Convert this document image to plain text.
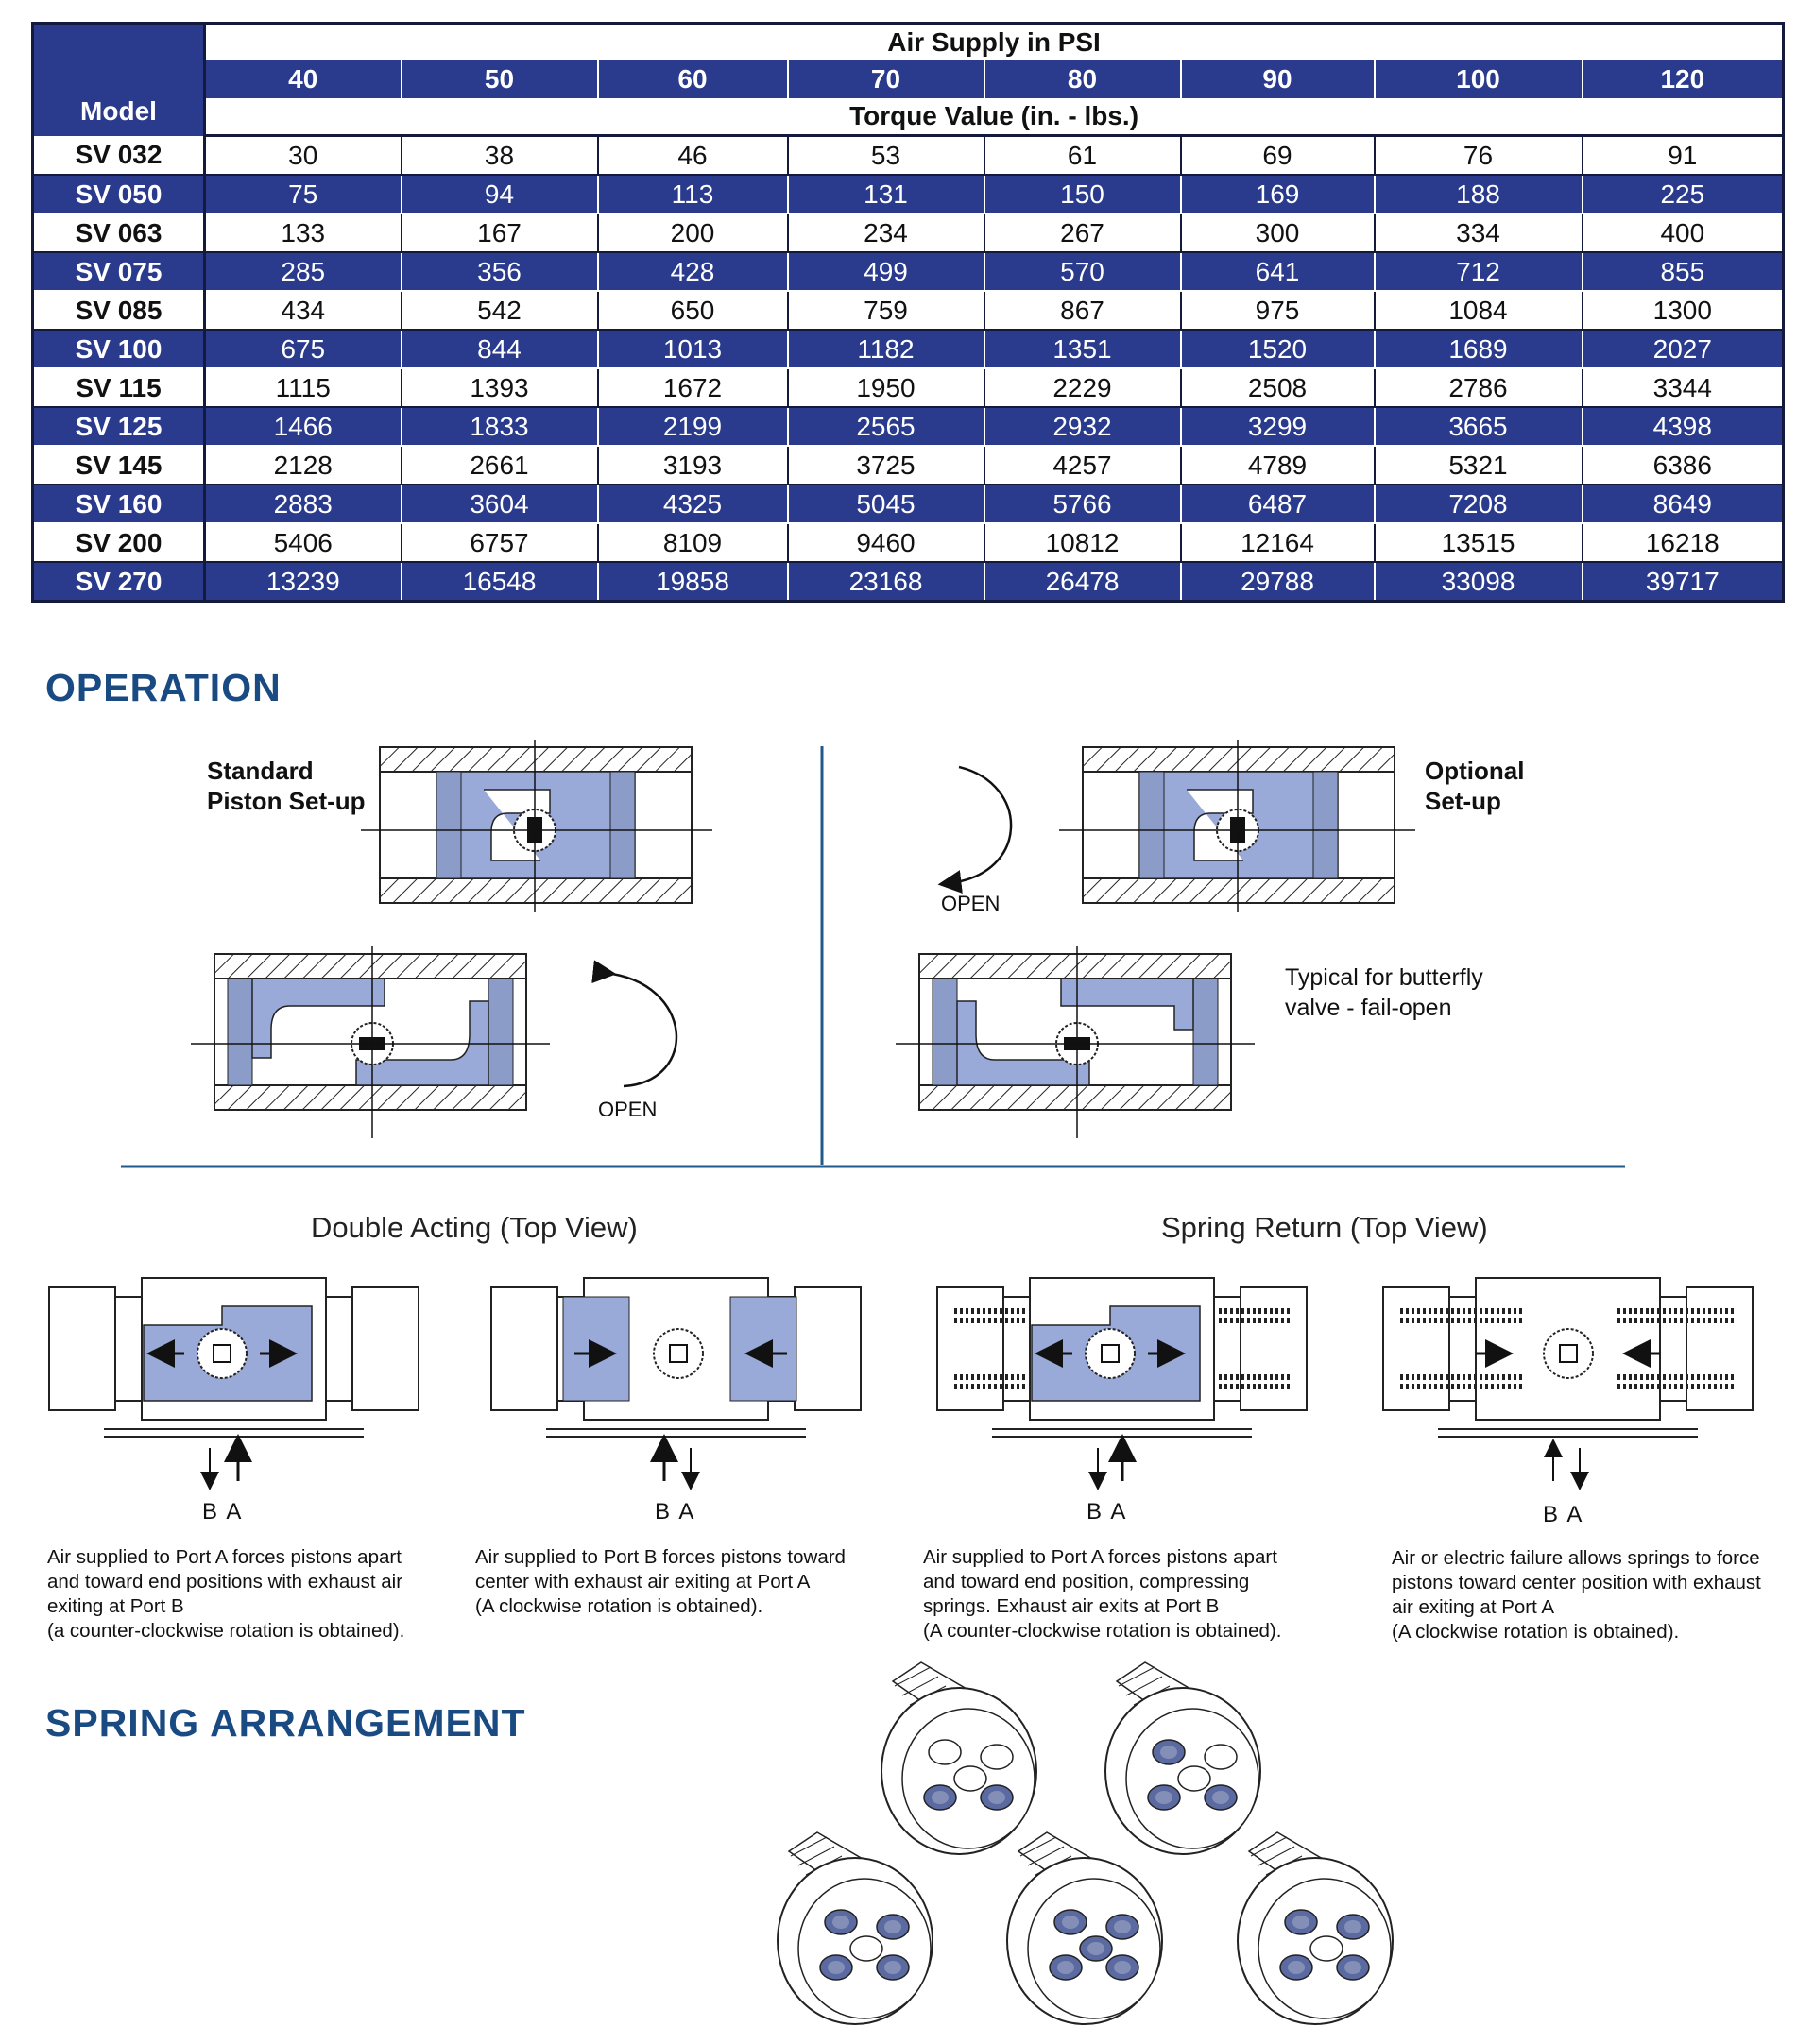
Model	Air Supply in PSI							
	40	50	60	70	80	90	100	120
	Torque Value (in. - lbs.)							
SV 032	30	38	46	53	61	69	76	91
SV 050	75	94	113	131	150	169	188	225
SV 063	133	167	200	234	267	300	334	400
SV 075	285	356	428	499	570	641	712	855
SV 085	434	542	650	759	867	975	1084	1300
SV 100	675	844	1013	1182	1351	1520	1689	2027
SV 115	1115	1393	1672	1950	2229	2508	2786	3344
SV 125	1466	1833	2199	2565	2932	3299	3665	4398
SV 145	2128	2661	3193	3725	4257	4789	5321	6386
SV 160	2883	3604	4325	5045	5766	6487	7208	8649
SV 200	5406	6757	8109	9460	10812	12164	13515	16218
SV 270	13239	16548	19858	23168	26478	29788	33098	39717
OPERATION
Standard
Piston Set-up
Optional
Set-up
Typical for butterfly
valve - fail-open
OPEN
OPEN
Double Acting (Top View)	Spring Return (Top View)
B A	B A	B A	B A
Air supplied to Port A forces pistons apart
and toward end positions with exhaust air
exiting at Port B
(a counter-clockwise rotation is obtained).
Air supplied to Port B forces pistons toward
center with exhaust air exiting at Port A
(A clockwise rotation is obtained).
Air supplied to Port A forces pistons apart
and toward end position, compressing
springs. Exhaust air exits at Port B
(A counter-clockwise rotation is obtained).
Air or electric failure allows springs to force
pistons toward center position with exhaust
air exiting at Port A
(A clockwise rotation is obtained).
SPRING ARRANGEMENT
